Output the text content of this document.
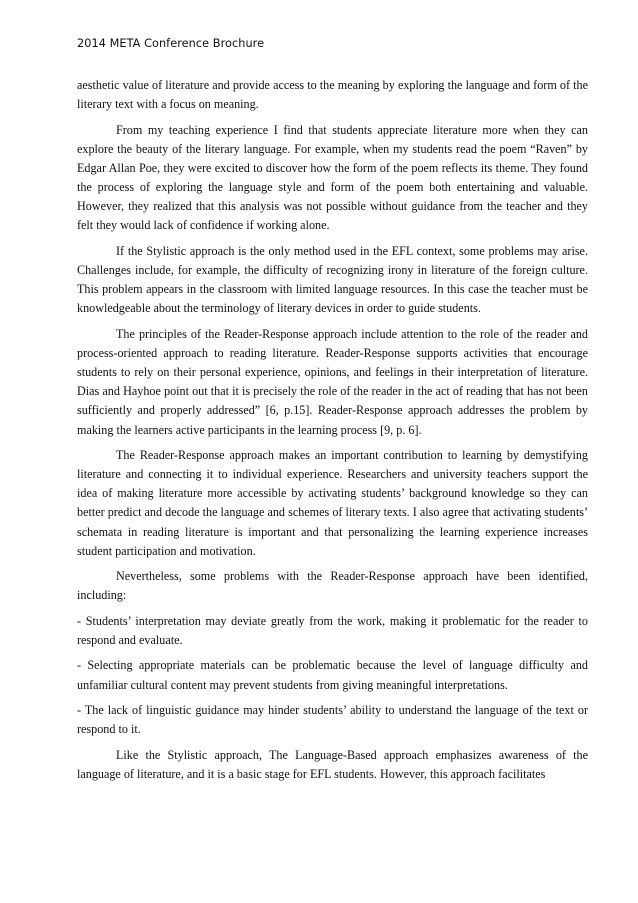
2014 META Conference Brochure

aesthetic value of literature and provide access to the meaning by exploring the language and form of the literary text with a focus on meaning.

From my teaching experience I find that students appreciate literature more when they can explore the beauty of the literary language. For example, when my students read the poem “Raven” by Edgar Allan Poe, they were excited to discover how the form of the poem reflects its theme. They found the process of exploring the language style and form of the poem both entertaining and valuable. However, they realized that this analysis was not possible without guidance from the teacher and they felt they would lack of confidence if working alone.

If the Stylistic approach is the only method used in the EFL context, some problems may arise. Challenges include, for example, the difficulty of recognizing irony in literature of the foreign culture. This problem appears in the classroom with limited language resources. In this case the teacher must be knowledgeable about the terminology of literary devices in order to guide students.

The principles of the Reader-Response approach include attention to the role of the reader and process-oriented approach to reading literature. Reader-Response supports activities that encourage students to rely on their personal experience, opinions, and feelings in their interpretation of literature. Dias and Hayhoe point out that it is precisely the role of the reader in the act of reading that has not been sufficiently and properly addressed” [6, p.15]. Reader-Response approach addresses the problem by making the learners active participants in the learning process [9, p. 6].

The Reader-Response approach makes an important contribution to learning by demystifying literature and connecting it to individual experience. Researchers and university teachers support the idea of making literature more accessible by activating students’ background knowledge so they can better predict and decode the language and schemes of literary texts. I also agree that activating students’ schemata in reading literature is important and that personalizing the learning experience increases student participation and motivation.

Nevertheless, some problems with the Reader-Response approach have been identified, including:

- Students’ interpretation may deviate greatly from the work, making it problematic for the reader to respond and evaluate.

- Selecting appropriate materials can be problematic because the level of language difficulty and unfamiliar cultural content may prevent students from giving meaningful interpretations.

- The lack of linguistic guidance may hinder students’ ability to understand the language of the text or respond to it.

Like the Stylistic approach, The Language-Based approach emphasizes awareness of the language of literature, and it is a basic stage for EFL students. However, this approach facilitates
